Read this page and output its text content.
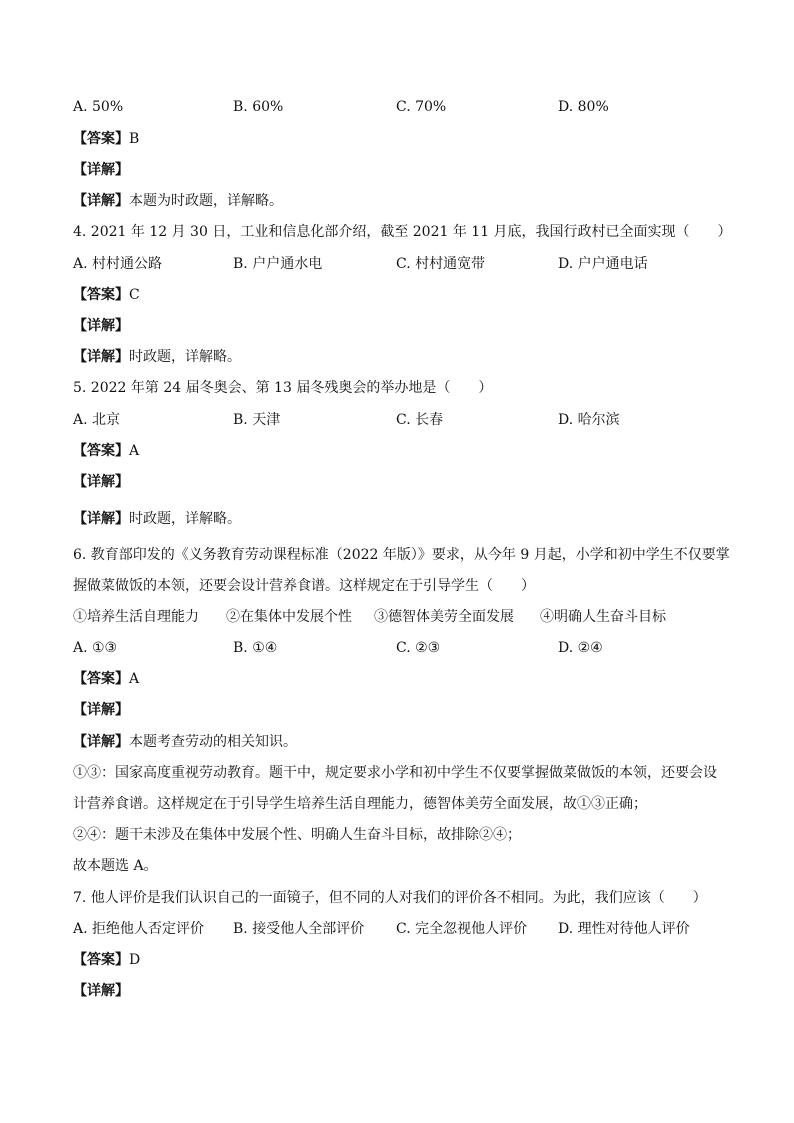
A. 50%	B. 60%	C. 70%	D. 80%
【答案】B
【详解】
【详解】本题为时政题，详解略。
4. 2021 年 12 月 30 日，工业和信息化部介绍，截至 2021 年 11 月底，我国行政村已全面实现（　　）
A. 村村通公路	B. 户户通水电	C. 村村通宽带	D. 户户通电话
【答案】C
【详解】
【详解】时政题，详解略。
5. 2022 年第 24 届冬奥会、第 13 届冬残奥会的举办地是（　　）
A. 北京	B. 天津	C. 长春	D. 哈尔滨
【答案】A
【详解】
【详解】时政题，详解略。
6. 教育部印发的《义务教育劳动课程标准（2022 年版）》要求，从今年 9 月起，小学和初中学生不仅要掌
握做菜做饭的本领，还要会设计营养食谱。这样规定在于引导学生（　　）
①培养生活自理能力 ②在集体中发展个性 ③德智体美劳全面发展 ④明确人生奋斗目标
A. ①③	B. ①④	C. ②③	D. ②④
【答案】A
【详解】
【详解】本题考查劳动的相关知识。
①③：国家高度重视劳动教育。题干中，规定要求小学和初中学生不仅要掌握做菜做饭的本领，还要会设
计营养食谱。这样规定在于引导学生培养生活自理能力，德智体美劳全面发展，故①③正确；
②④：题干未涉及在集体中发展个性、明确人生奋斗目标，故排除②④；
故本题选 A。
7. 他人评价是我们认识自己的一面镜子，但不同的人对我们的评价各不相同。为此，我们应该（　　）
A. 拒绝他人否定评价 B. 接受他人全部评价 C. 完全忽视他人评价 D. 理性对待他人评价
【答案】D
【详解】
